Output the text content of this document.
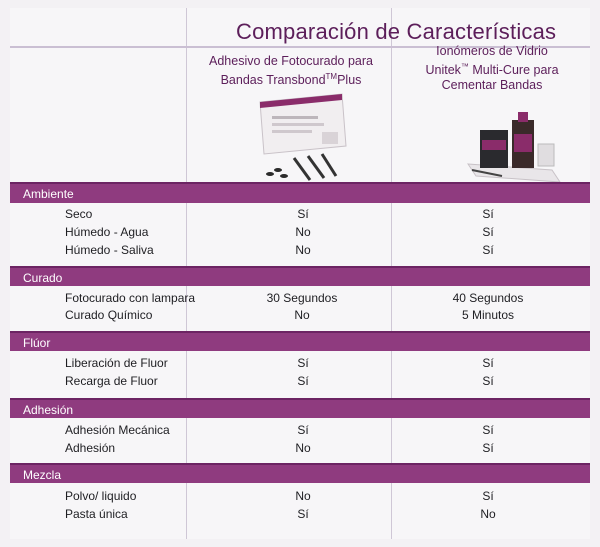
Comparación de Características
Adhesivo de Fotocurado para
Bandas Transbond™Plus
Ionómeros de Vidrio
Unitek™ Multi-Cure para
Cementar Bandas
Ambiente
Seco	Sí	Sí
Húmedo - Agua	No	Sí
Húmedo - Saliva	No	Sí
Curado
Fotocurado con lampara	30 Segundos	40 Segundos
Curado Químico	No	5 Minutos
Flúor
Liberación de Fluor	Sí	Sí
Recarga de Fluor	Sí	Sí
Adhesión
Adhesión Mecánica	Sí	Sí
Adhesión	No	Sí
Mezcla
Polvo/ liquido	No	Sí
Pasta única	Sí	No
